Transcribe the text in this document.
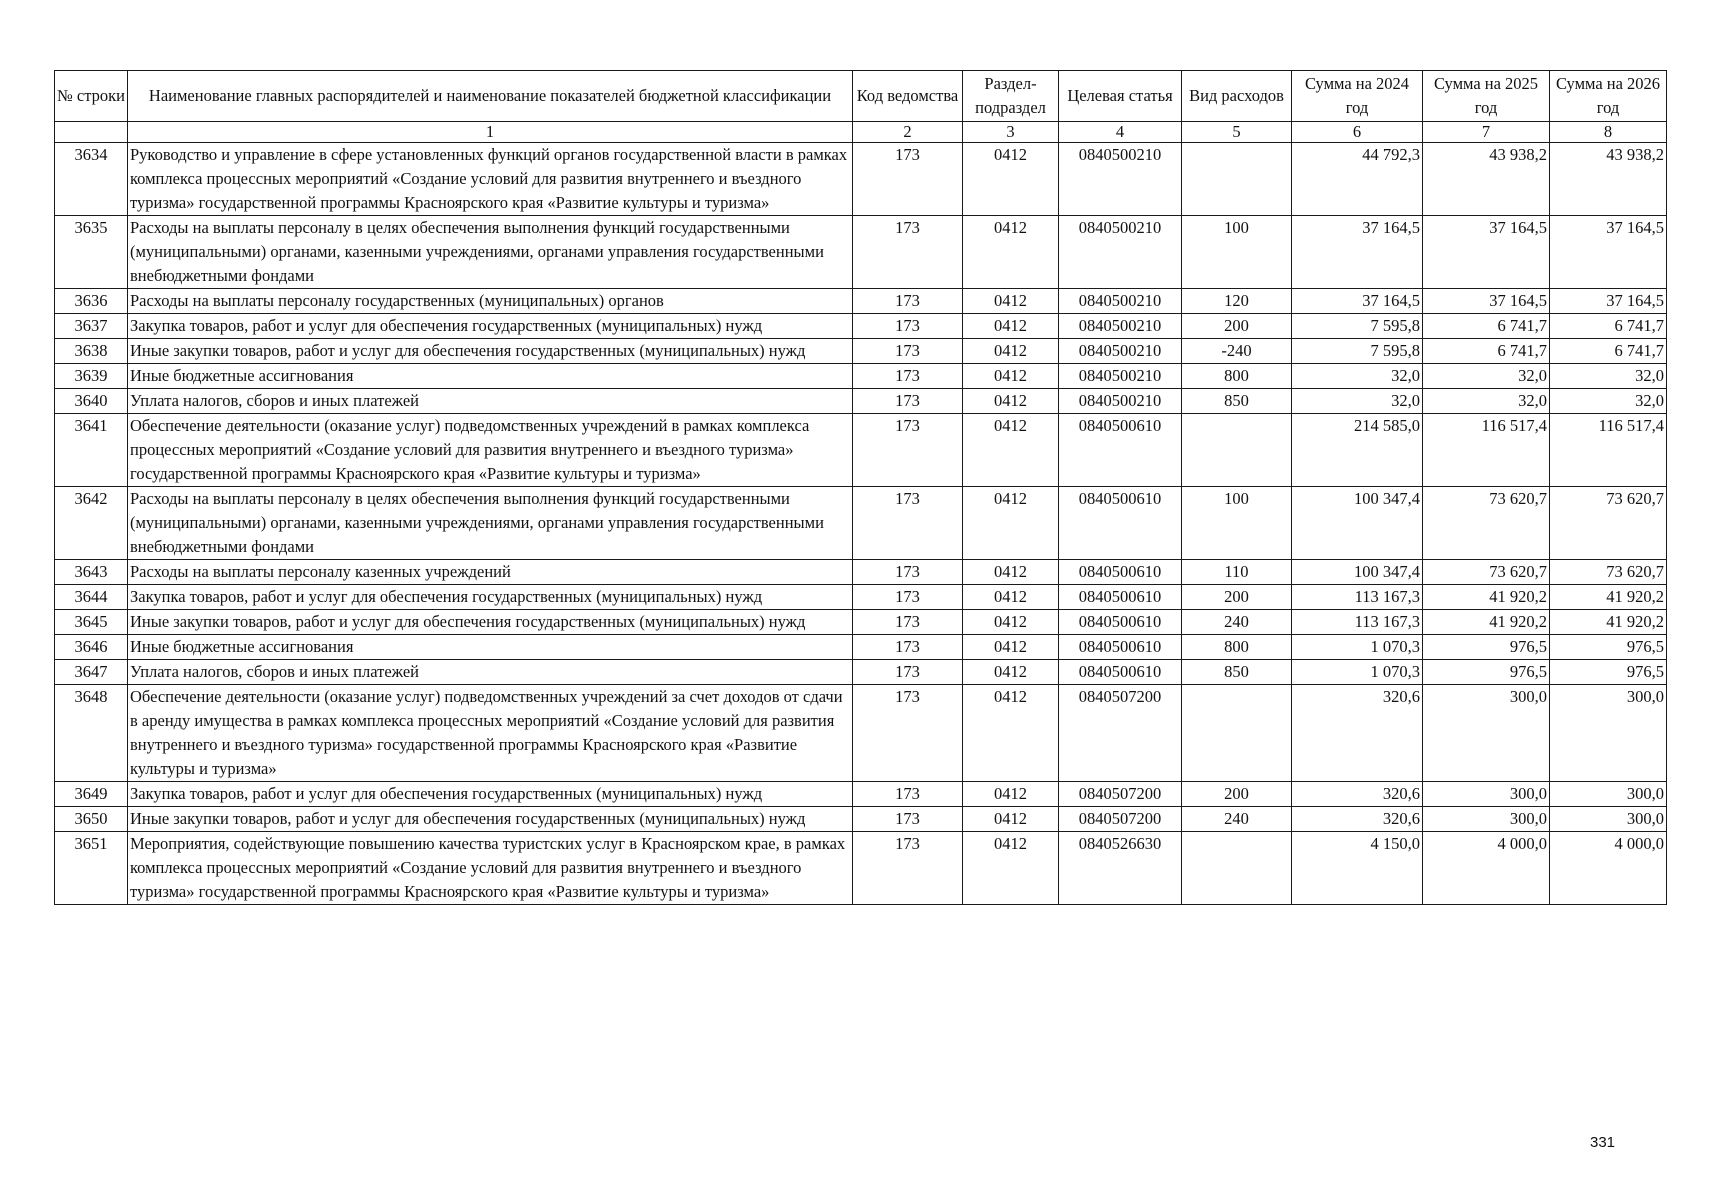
№ строки	Наименование главных распорядителей и наименование показателей бюджетной классификации	Код ведомства	Раздел-подраздел	Целевая статья	Вид расходов	Сумма на 2024 год	Сумма на 2025 год	Сумма на 2026 год
	1	2	3	4	5	6	7	8
3634	Руководство и управление в сфере установленных функций органов государственной власти в рамках комплекса процессных мероприятий «Создание условий для развития внутреннего и въездного туризма» государственной программы Красноярского края «Развитие культуры и туризма»	173	0412	0840500210		44 792,3	43 938,2	43 938,2
3635	Расходы на выплаты персоналу в целях обеспечения выполнения функций государственными (муниципальными) органами, казенными учреждениями, органами управления государственными внебюджетными фондами	173	0412	0840500210	100	37 164,5	37 164,5	37 164,5
3636	Расходы на выплаты персоналу государственных (муниципальных) органов	173	0412	0840500210	120	37 164,5	37 164,5	37 164,5
3637	Закупка товаров, работ и услуг для обеспечения государственных (муниципальных) нужд	173	0412	0840500210	200	7 595,8	6 741,7	6 741,7
3638	Иные закупки товаров, работ и услуг для обеспечения государственных (муниципальных) нужд	173	0412	0840500210	-240	7 595,8	6 741,7	6 741,7
3639	Иные бюджетные ассигнования	173	0412	0840500210	800	32,0	32,0	32,0
3640	Уплата налогов, сборов и иных платежей	173	0412	0840500210	850	32,0	32,0	32,0
3641	Обеспечение деятельности (оказание услуг) подведомственных учреждений в рамках комплекса процессных мероприятий «Создание условий для развития внутреннего и въездного туризма» государственной программы Красноярского края «Развитие культуры и туризма»	173	0412	0840500610		214 585,0	116 517,4	116 517,4
3642	Расходы на выплаты персоналу в целях обеспечения выполнения функций государственными (муниципальными) органами, казенными учреждениями, органами управления государственными внебюджетными фондами	173	0412	0840500610	100	100 347,4	73 620,7	73 620,7
3643	Расходы на выплаты персоналу казенных учреждений	173	0412	0840500610	110	100 347,4	73 620,7	73 620,7
3644	Закупка товаров, работ и услуг для обеспечения государственных (муниципальных) нужд	173	0412	0840500610	200	113 167,3	41 920,2	41 920,2
3645	Иные закупки товаров, работ и услуг для обеспечения государственных (муниципальных) нужд	173	0412	0840500610	240	113 167,3	41 920,2	41 920,2
3646	Иные бюджетные ассигнования	173	0412	0840500610	800	1 070,3	976,5	976,5
3647	Уплата налогов, сборов и иных платежей	173	0412	0840500610	850	1 070,3	976,5	976,5
3648	Обеспечение деятельности (оказание услуг) подведомственных учреждений за счет доходов от сдачи в аренду имущества в рамках комплекса процессных мероприятий «Создание условий для развития внутреннего и въездного туризма» государственной программы Красноярского края «Развитие культуры и туризма»	173	0412	0840507200		320,6	300,0	300,0
3649	Закупка товаров, работ и услуг для обеспечения государственных (муниципальных) нужд	173	0412	0840507200	200	320,6	300,0	300,0
3650	Иные закупки товаров, работ и услуг для обеспечения государственных (муниципальных) нужд	173	0412	0840507200	240	320,6	300,0	300,0
3651	Мероприятия, содействующие повышению качества туристских услуг в Красноярском крае, в рамках комплекса процессных мероприятий «Создание условий для развития внутреннего и въездного туризма» государственной программы Красноярского края «Развитие культуры и туризма»	173	0412	0840526630		4 150,0	4 000,0	4 000,0
331
